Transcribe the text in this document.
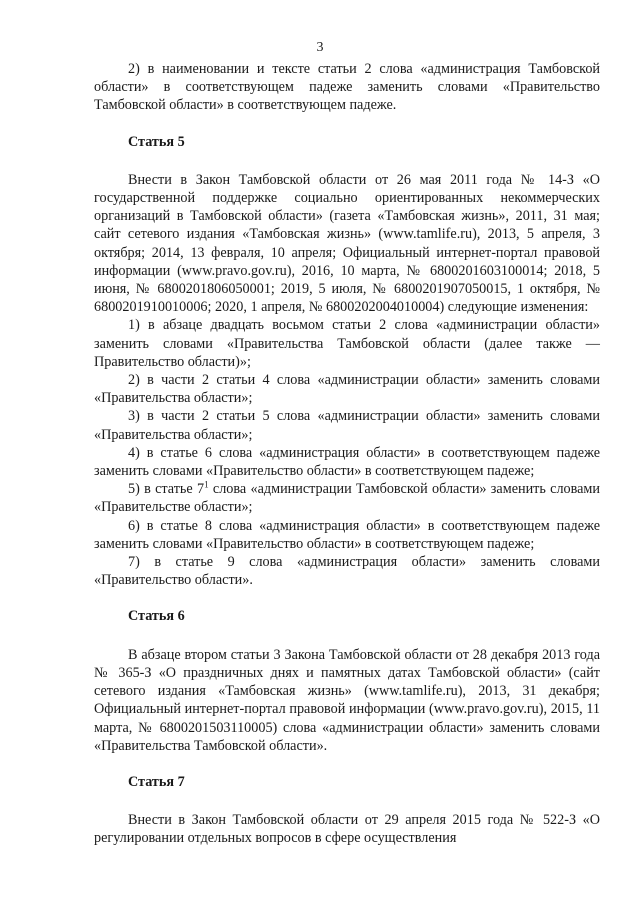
3

2) в наименовании и тексте статьи 2 слова «администрация Тамбовской области» в соответствующем падеже заменить словами «Правительство Тамбовской области» в соответствующем падеже.

Статья 5

Внести в Закон Тамбовской области от 26 мая 2011 года № 14-З «О государственной поддержке социально ориентированных некоммерческих организаций в Тамбовской области» (газета «Тамбовская жизнь», 2011, 31 мая; сайт сетевого издания «Тамбовская жизнь» (www.tamlife.ru), 2013, 5 апреля, 3 октября; 2014, 13 февраля, 10 апреля; Официальный интернет-портал правовой информации (www.pravo.gov.ru), 2016, 10 марта, № 6800201603100014; 2018, 5 июня, № 6800201806050001; 2019, 5 июля, № 6800201907050015, 1 октября, № 6800201910010006; 2020, 1 апреля, № 6800202004010004) следующие изменения:

1) в абзаце двадцать восьмом статьи 2 слова «администрации области» заменить словами «Правительства Тамбовской области (далее также — Правительство области)»;

2) в части 2 статьи 4 слова «администрации области» заменить словами «Правительства области»;

3) в части 2 статьи 5 слова «администрации области» заменить словами «Правительства области»;

4) в статье 6 слова «администрация области» в соответствующем падеже заменить словами «Правительство области» в соответствующем падеже;

5) в статье $7^1$ слова «администрации Тамбовской области» заменить словами «Правительстве области»;

6) в статье 8 слова «администрация области» в соответствующем падеже заменить словами «Правительство области» в соответствующем падеже;

7) в статье 9 слова «администрация области» заменить словами «Правительство области».

Статья 6

В абзаце втором статьи 3 Закона Тамбовской области от 28 декабря 2013 года № 365-З «О праздничных днях и памятных датах Тамбовской области» (сайт сетевого издания «Тамбовская жизнь» (www.tamlife.ru), 2013, 31 декабря; Официальный интернет-портал правовой информации (www.pravo.gov.ru), 2015, 11 марта, № 6800201503110005) слова «администрации области» заменить словами «Правительства Тамбовской области».

Статья 7

Внести в Закон Тамбовской области от 29 апреля 2015 года № 522-З «О регулировании отдельных вопросов в сфере осуществления
